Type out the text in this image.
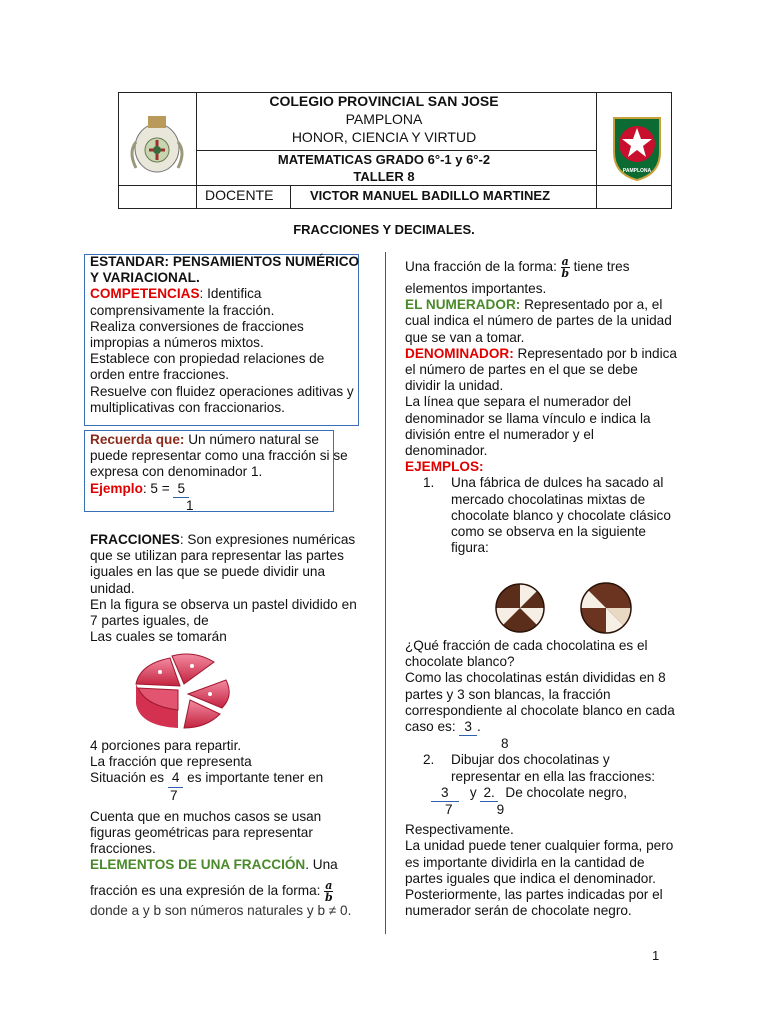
PAMPLONA
COLEGIO PROVINCIAL SAN JOSE
PAMPLONA
HONOR, CIENCIA Y VIRTUD
MATEMATICAS GRADO 6°-1 y 6°-2
TALLER 8
DOCENTE	VICTOR MANUEL BADILLO MARTINEZ
FRACCIONES Y DECIMALES.

ESTANDAR: PENSAMIENTOS NUMÉRICO Y VARIACIONAL.

COMPETENCIAS: Identifica comprensivamente la fracción.

Realiza conversiones de fracciones impropias a números mixtos.

Establece con propiedad relaciones de orden entre fracciones.

Resuelve con fluidez operaciones aditivas y multiplicativas con fraccionarios.

Recuerda que: Un número natural se puede representar como una fracción si se expresa con denominador 1.

Ejemplo: 5 = 5

1

FRACCIONES: Son expresiones numéricas que se utilizan para representar las partes iguales en las que se puede dividir una unidad.

En la figura se observa un pastel dividido en 7 partes iguales, de

Las cuales se tomarán

4 porciones para repartir.

La fracción que representa

Situación es 4 es importante tener en

7

Cuenta que en muchos casos se usan figuras geométricas para representar fracciones.

ELEMENTOS DE UNA FRACCIÓN. Una

fracción es una expresión de la forma: $\frac{a}{b}$

donde a y b son números naturales y b ≠ 0.

Una fracción de la forma: $\frac{a}{b}$ tiene tres

elementos importantes.

EL NUMERADOR: Representado por a, el cual indica el número de partes de la unidad que se van a tomar.

DENOMINADOR: Representado por b indica el número de partes en el que se debe dividir la unidad.

La línea que separa el numerador del denominador se llama vínculo e indica la división entre el numerador y el denominador.

EJEMPLOS:

1.	Una fábrica de dulces ha sacado al mercado chocolatinas mixtas de chocolate blanco y chocolate clásico como se observa en la siguiente figura:

¿Qué fracción de cada chocolatina es el chocolate blanco?

Como las chocolatinas están divididas en 8 partes y 3 son blancas, la fracción correspondiente al chocolate blanco en cada caso es: 3 .

8

2.	Dibujar dos chocolatinas y representar en ella las fracciones:

3 y 2. De chocolate negro,

7	9

Respectivamente.

La unidad puede tener cualquier forma, pero es importante dividirla en la cantidad de partes iguales que indica el denominador. Posteriormente, las partes indicadas por el numerador serán de chocolate negro.

1
